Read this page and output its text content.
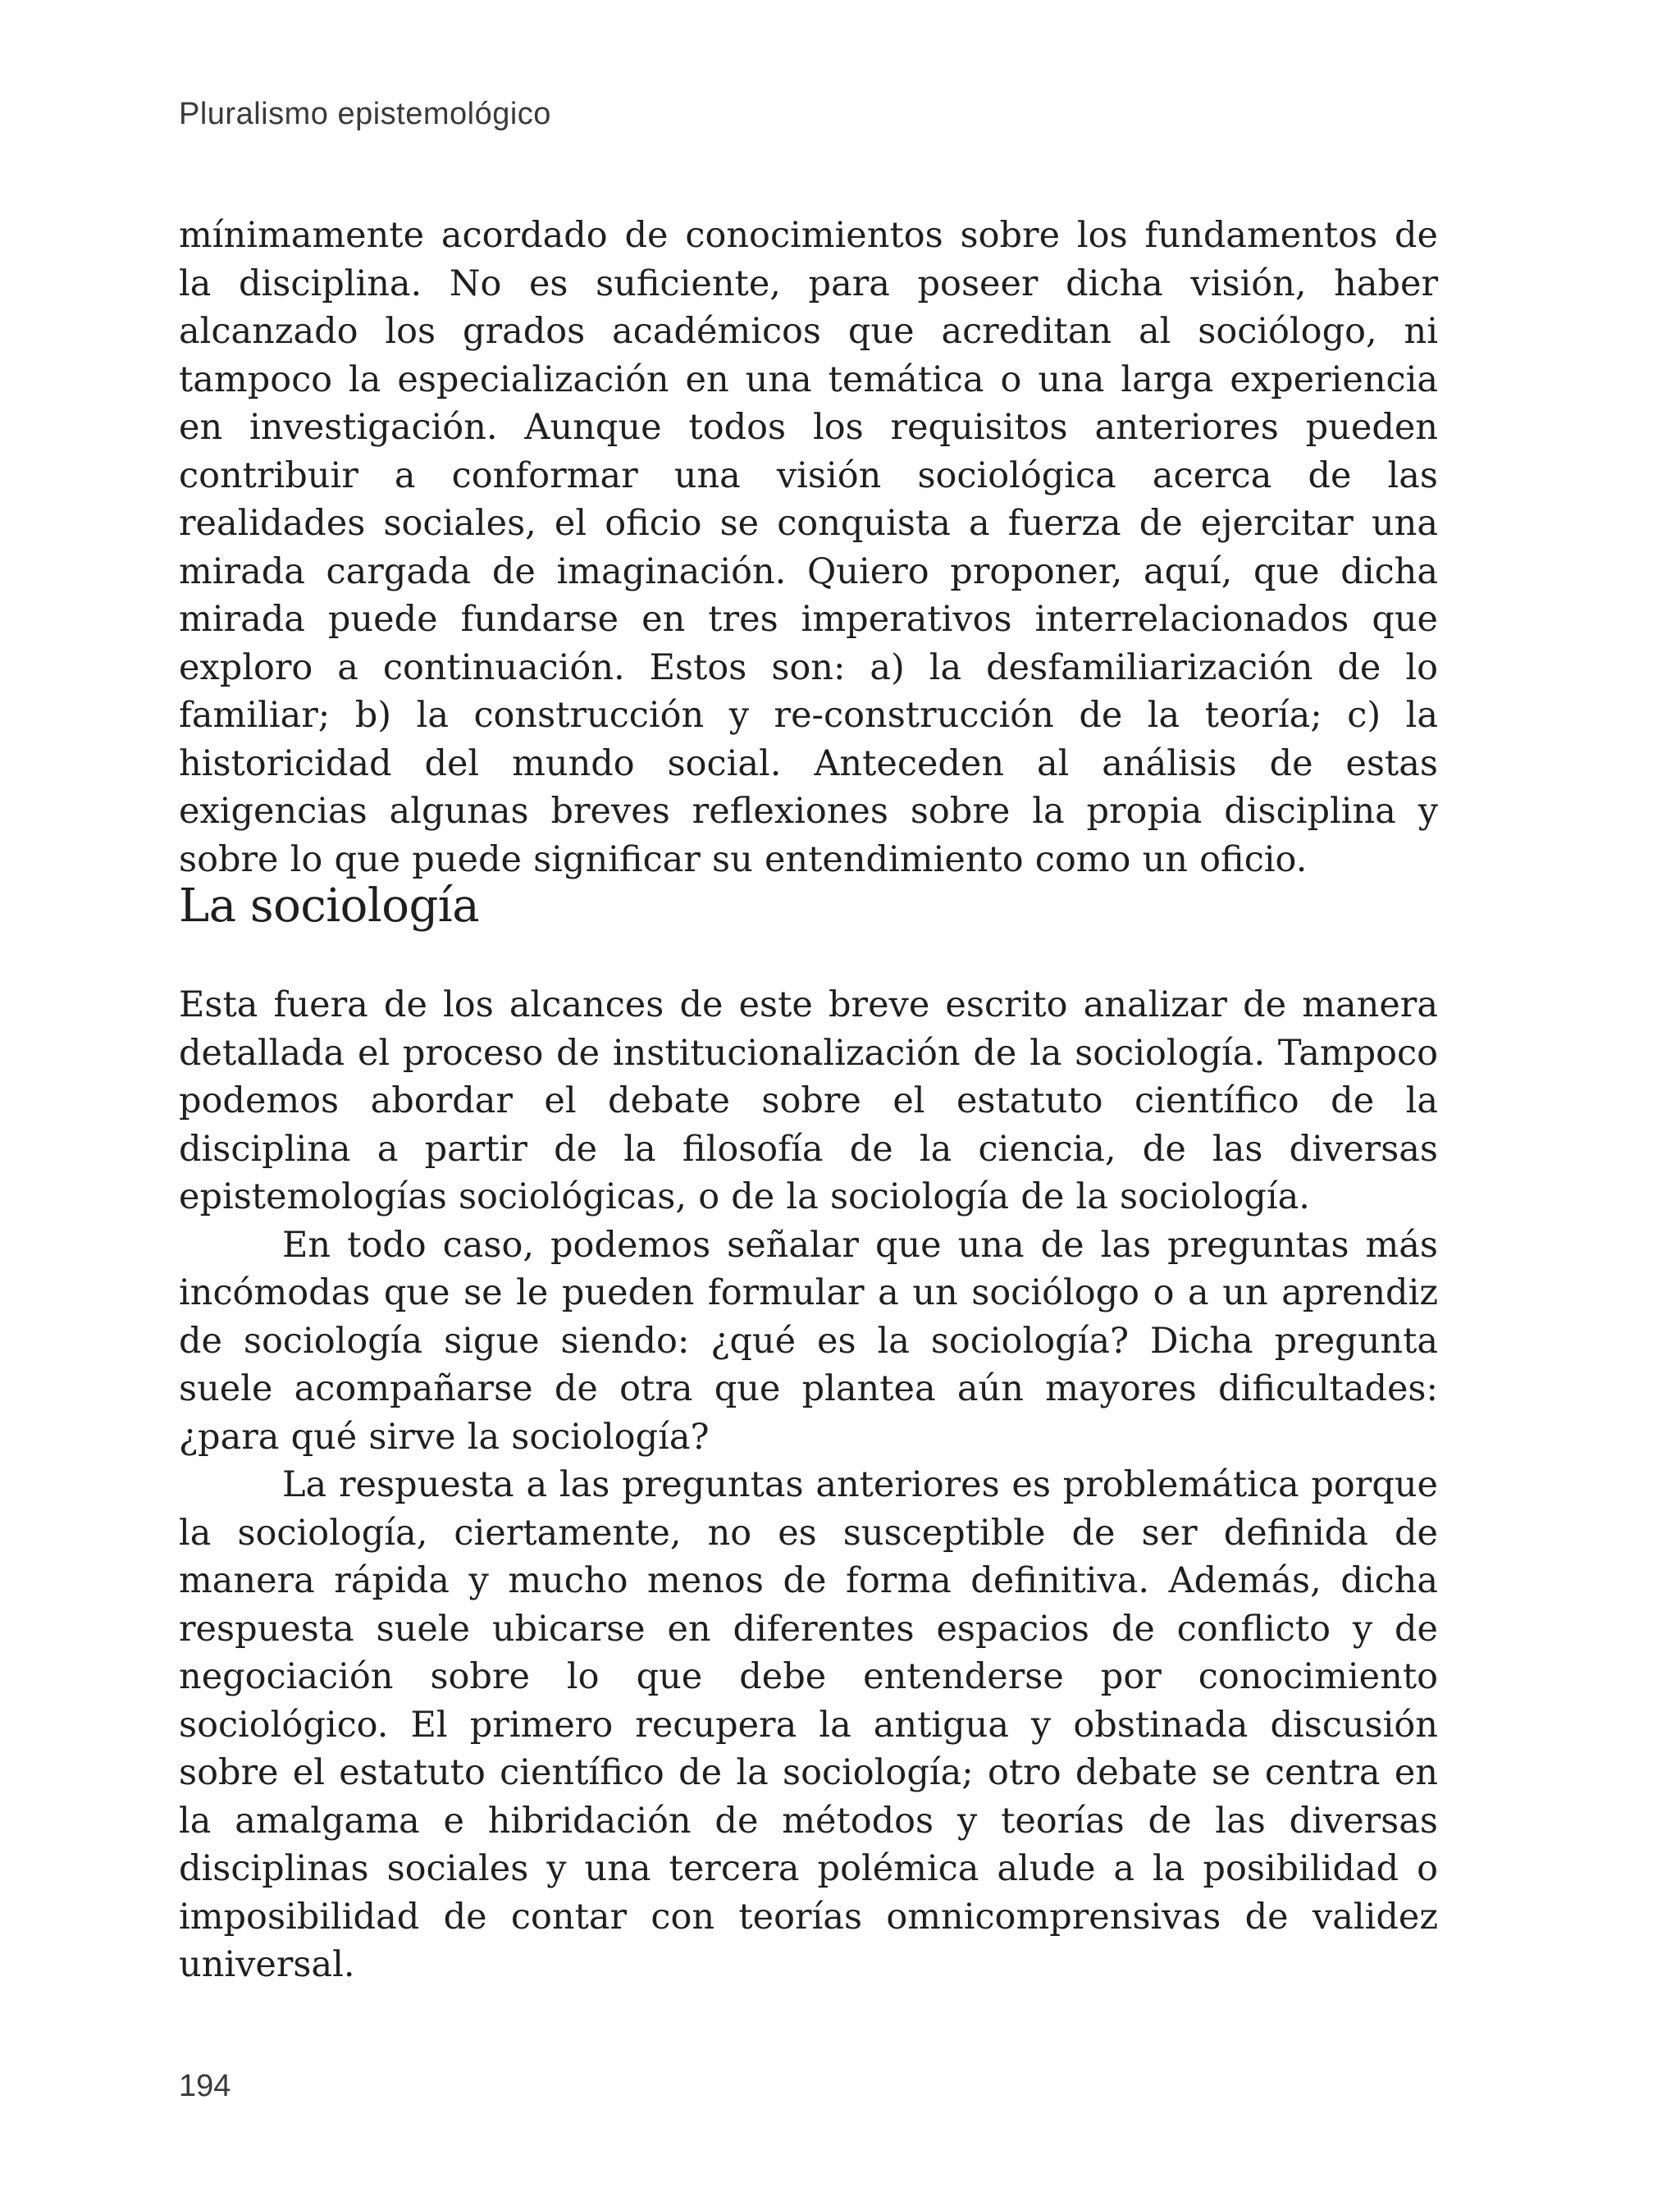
Pluralismo epistemológico

mínimamente acordado de conocimientos sobre los fundamentos de la disciplina. No es suficiente, para poseer dicha visión, haber alcanzado los grados académicos que acreditan al sociólogo, ni tampoco la especialización en una temática o una larga experiencia en investigación. Aunque todos los requisitos anteriores pueden contribuir a conformar una visión sociológica acerca de las realidades sociales, el oficio se conquista a fuerza de ejercitar una mirada cargada de imaginación. Quiero proponer, aquí, que dicha mirada puede fundarse en tres imperativos interrelacionados que exploro a continuación. Estos son: a) la desfamiliarización de lo familiar; b) la construcción y re-construcción de la teoría; c) la historicidad del mundo social. Anteceden al análisis de estas exigencias algunas breves reflexiones sobre la propia disciplina y sobre lo que puede significar su entendimiento como un oficio.

La sociología

Esta fuera de los alcances de este breve escrito analizar de manera detallada el proceso de institucionalización de la sociología. Tampoco podemos abordar el debate sobre el estatuto científico de la disciplina a partir de la filosofía de la ciencia, de las diversas epistemologías sociológicas, o de la sociología de la sociología.

En todo caso, podemos señalar que una de las preguntas más incómodas que se le pueden formular a un sociólogo o a un aprendiz de sociología sigue siendo: ¿qué es la sociología? Dicha pregunta suele acompañarse de otra que plantea aún mayores dificultades: ¿para qué sirve la sociología?

La respuesta a las preguntas anteriores es problemática porque la sociología, ciertamente, no es susceptible de ser definida de manera rápida y mucho menos de forma definitiva. Además, dicha respuesta suele ubicarse en diferentes espacios de conflicto y de negociación sobre lo que debe entenderse por conocimiento sociológico. El primero recupera la antigua y obstinada discusión sobre el estatuto científico de la sociología; otro debate se centra en la amalgama e hibridación de métodos y teorías de las diversas disciplinas sociales y una tercera polémica alude a la posibilidad o imposibilidad de contar con teorías omnicomprensivas de validez universal.

194
